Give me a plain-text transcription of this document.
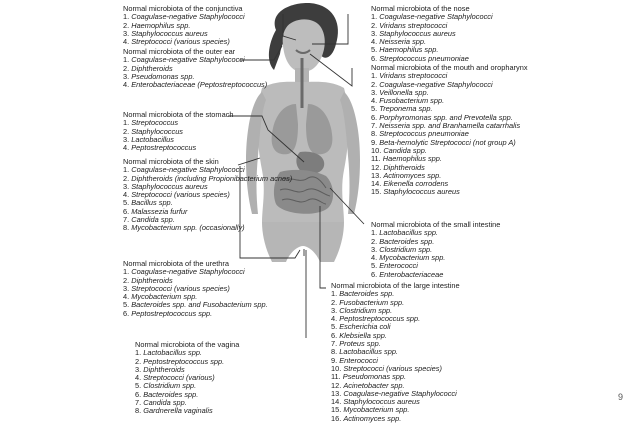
Normal microbiota of the conjunctiva
1. Coagulase-negative Staphylococci
2. Haemophilus spp.
3. Staphylococcus aureus
4. Streptococci (various species)
Normal microbiota of the outer ear
1. Coagulase-negative Staphylococci
2. Diphtheroids
3. Pseudomonas spp.
4. Enterobacteriaceae (Peptostreptococcus)
Normal microbiota of the stomach
1. Streptococcus
2. Staphylococcus
3. Lactobacillus
4. Peptostreptococcus
Normal microbiota of the skin
1. Coagulase-negative Staphylococci
2. Diphtheroids (including Propionibacterium acnes)
3. Staphylococcus aureus
4. Streptococci (various species)
5. Bacillus spp.
6. Malassezia furfur
7. Candida spp.
8. Mycobacterium spp. (occasionally)
Normal microbiota of the urethra
1. Coagulase-negative Staphylococci
2. Diphtheroids
3. Streptococci (various species)
4. Mycobacterium spp.
5. Bacteroides spp. and Fusobacterium spp.
6. Peptostreptococcus spp.
Normal microbiota of the vagina
1. Lactobacillus spp.
2. Peptostreptococcus spp.
3. Diphtheroids
4. Streptococci (various)
5. Clostridium spp.
6. Bacteroides spp.
7. Candida spp.
8. Gardnerella vaginalis
Normal microbiota of the nose
1. Coagulase-negative Staphylococci
2. Viridans streptococci
3. Staphylococcus aureus
4. Neisseria spp.
5. Haemophilus spp.
6. Streptococcus pneumoniae
Normal microbiota of the mouth and oropharynx
1. Viridans streptococci
2. Coagulase-negative Staphylococci
3. Veillonella spp.
4. Fusobacterium spp.
5. Treponema spp.
6. Porphyromonas spp. and Prevotella spp.
7. Neisseria spp. and Branhamella catarrhalis
8. Streptococcus pneumoniae
9. Beta-hemolytic Streptococci (not group A)
10. Candida spp.
11. Haemophilus spp.
12. Diphtheroids
13. Actinomyces spp.
14. Eikenella corrodens
15. Staphylococcus aureus
Normal microbiota of the small intestine
1. Lactobacillus spp.
2. Bacteroides spp.
3. Clostridium spp.
4. Mycobacterium spp.
5. Enterococci
6. Enterobacteriaceae
Normal microbiota of the large intestine
1. Bacteroides spp.
2. Fusobacterium spp.
3. Clostridium spp.
4. Peptostreptococcus spp.
5. Escherichia coli
6. Klebsiella spp.
7. Proteus spp.
8. Lactobacillus spp.
9. Enterococci
10. Streptococci (various species)
11. Pseudomonas spp.
12. Acinetobacter spp.
13. Coagulase-negative Staphylococci
14. Staphylococcus aureus
15. Mycobacterium spp.
16. Actinomyces spp.
9
